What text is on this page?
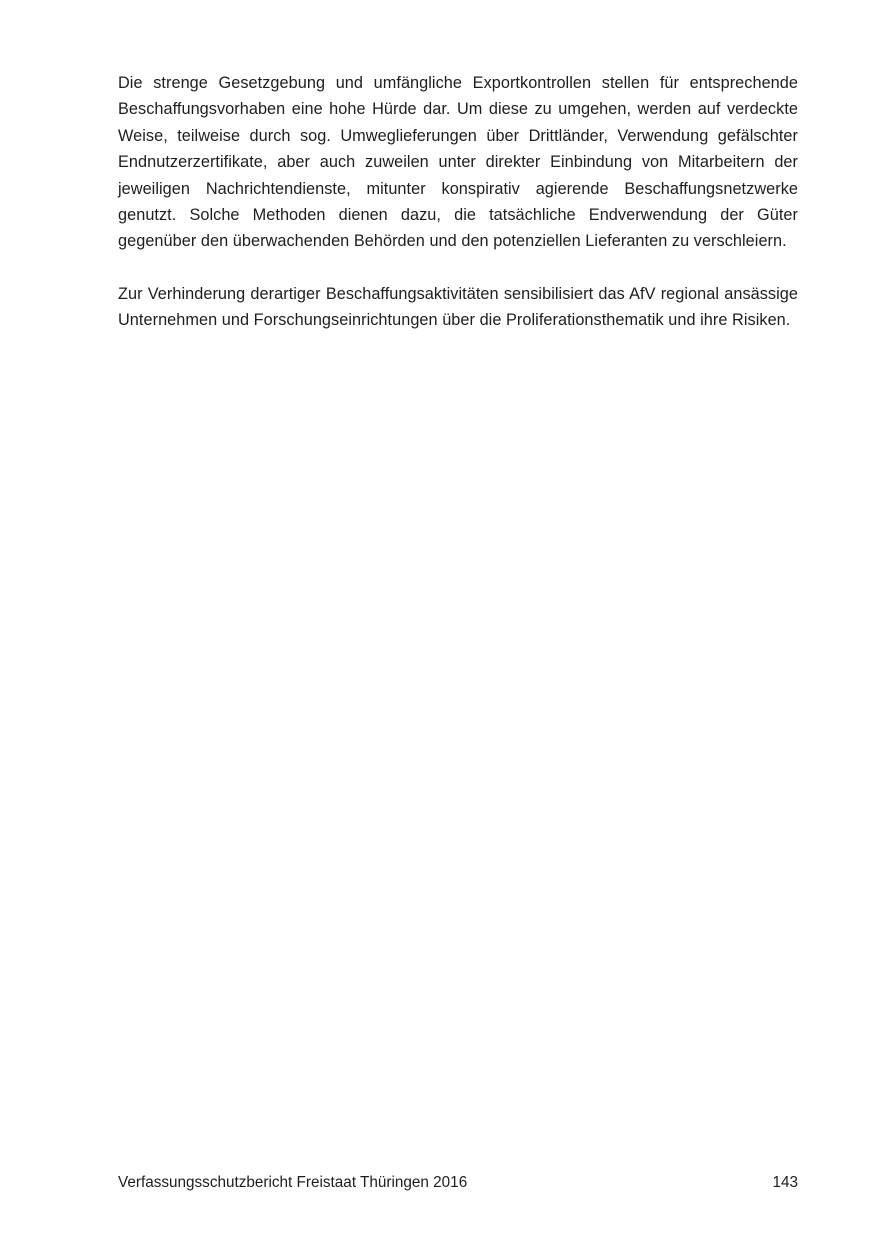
Die strenge Gesetzgebung und umfängliche Exportkontrollen stellen für entsprechende Beschaffungsvorhaben eine hohe Hürde dar. Um diese zu umgehen, werden auf verdeckte Weise, teilweise durch sog. Umweglieferungen über Drittländer, Verwendung gefälschter Endnutzerzertifikate, aber auch zuweilen unter direkter Einbindung von Mitarbeitern der jeweiligen Nachrichtendienste, mitunter konspirativ agierende Beschaffungsnetzwerke genutzt. Solche Methoden dienen dazu, die tatsächliche Endverwendung der Güter gegenüber den überwachenden Behörden und den potenziellen Lieferanten zu verschleiern.

Zur Verhinderung derartiger Beschaffungsaktivitäten sensibilisiert das AfV regional ansässige Unternehmen und Forschungseinrichtungen über die Proliferationsthematik und ihre Risiken.

Verfassungsschutzbericht Freistaat Thüringen 2016	143
